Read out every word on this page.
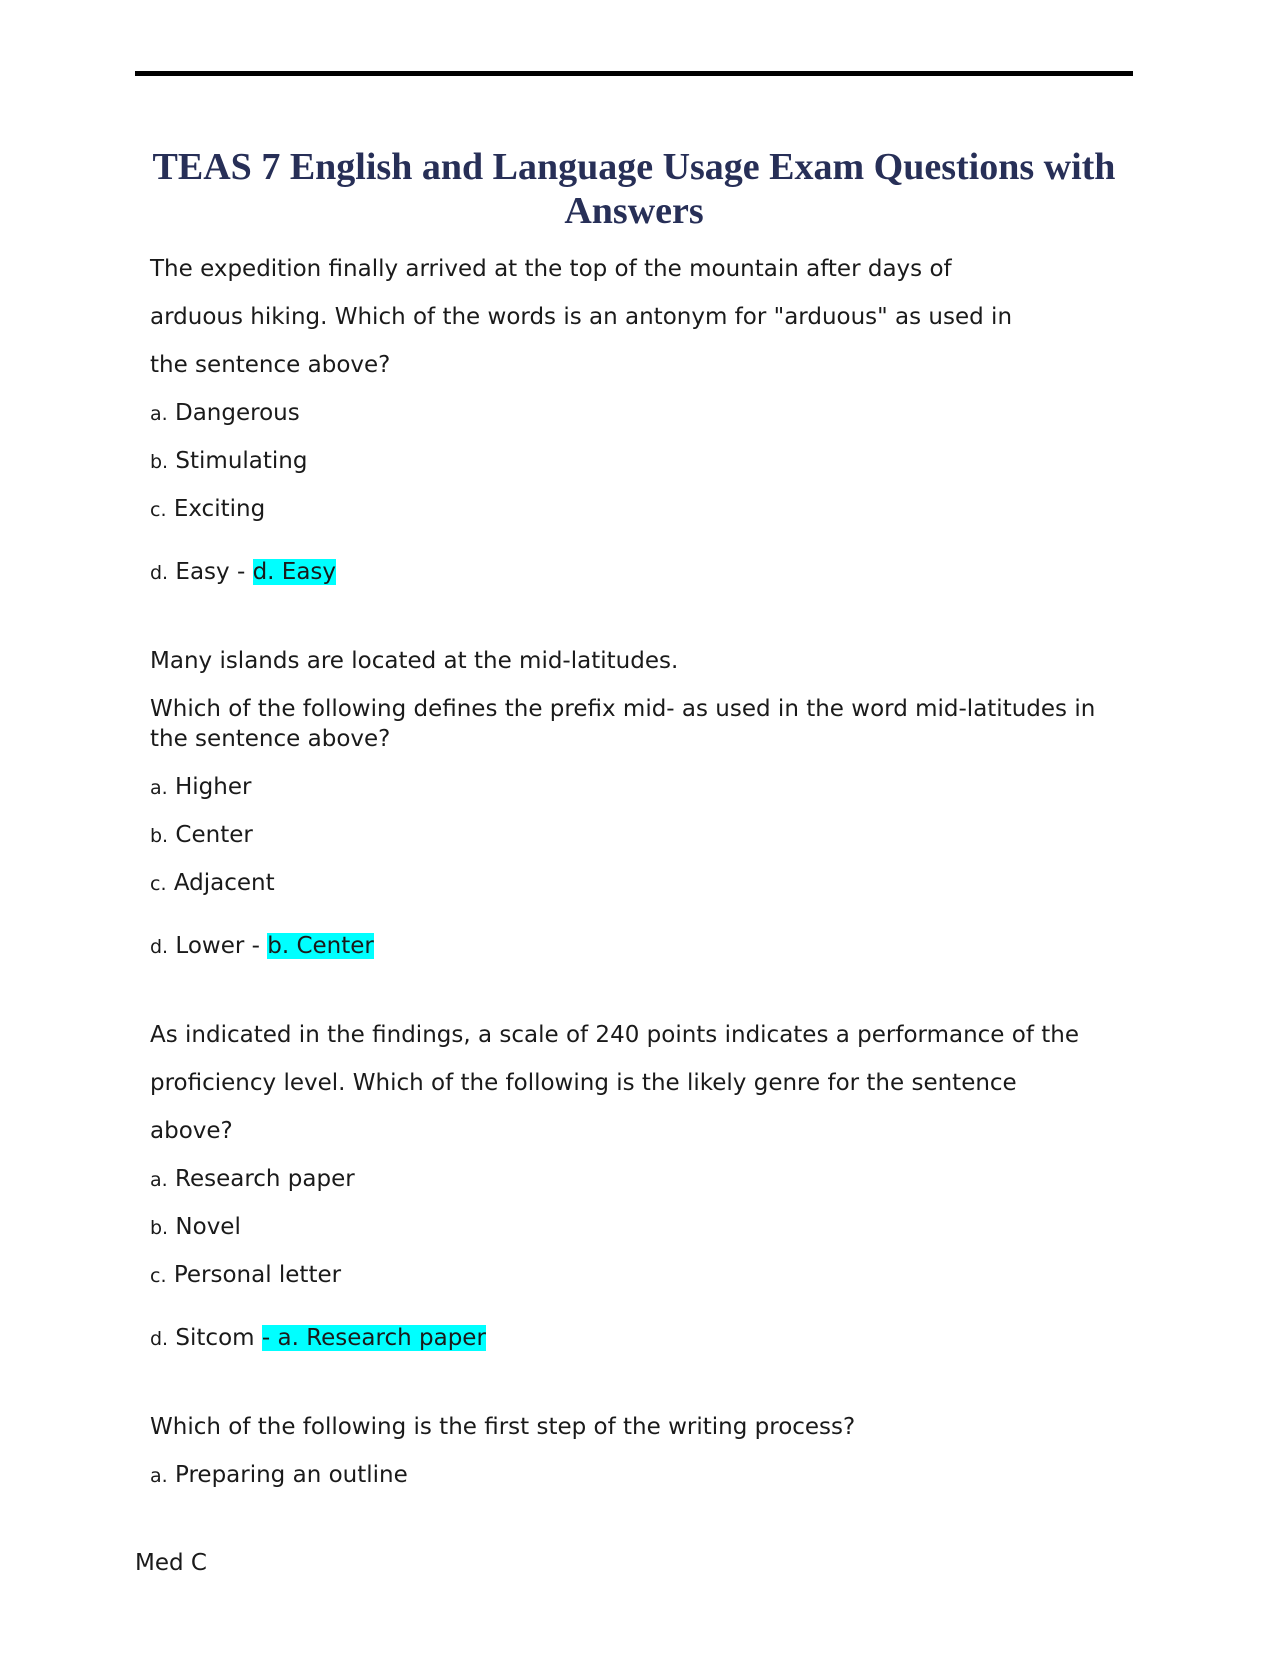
TEAS 7 English and Language Usage Exam Questions with Answers

The expedition finally arrived at the top of the mountain after days of

arduous hiking. Which of the words is an antonym for "arduous" as used in

the sentence above?

a. Dangerous

b. Stimulating

c. Exciting

d. Easy - d. Easy

Many islands are located at the mid-latitudes.

Which of the following defines the prefix mid- as used in the word mid-latitudes in the sentence above?

a. Higher

b. Center

c. Adjacent

d. Lower - b. Center

As indicated in the findings, a scale of 240 points indicates a performance of the

proficiency level. Which of the following is the likely genre for the sentence

above?

a. Research paper

b. Novel

c. Personal letter

d. Sitcom - a. Research paper

Which of the following is the first step of the writing process?

a. Preparing an outline

Med C
